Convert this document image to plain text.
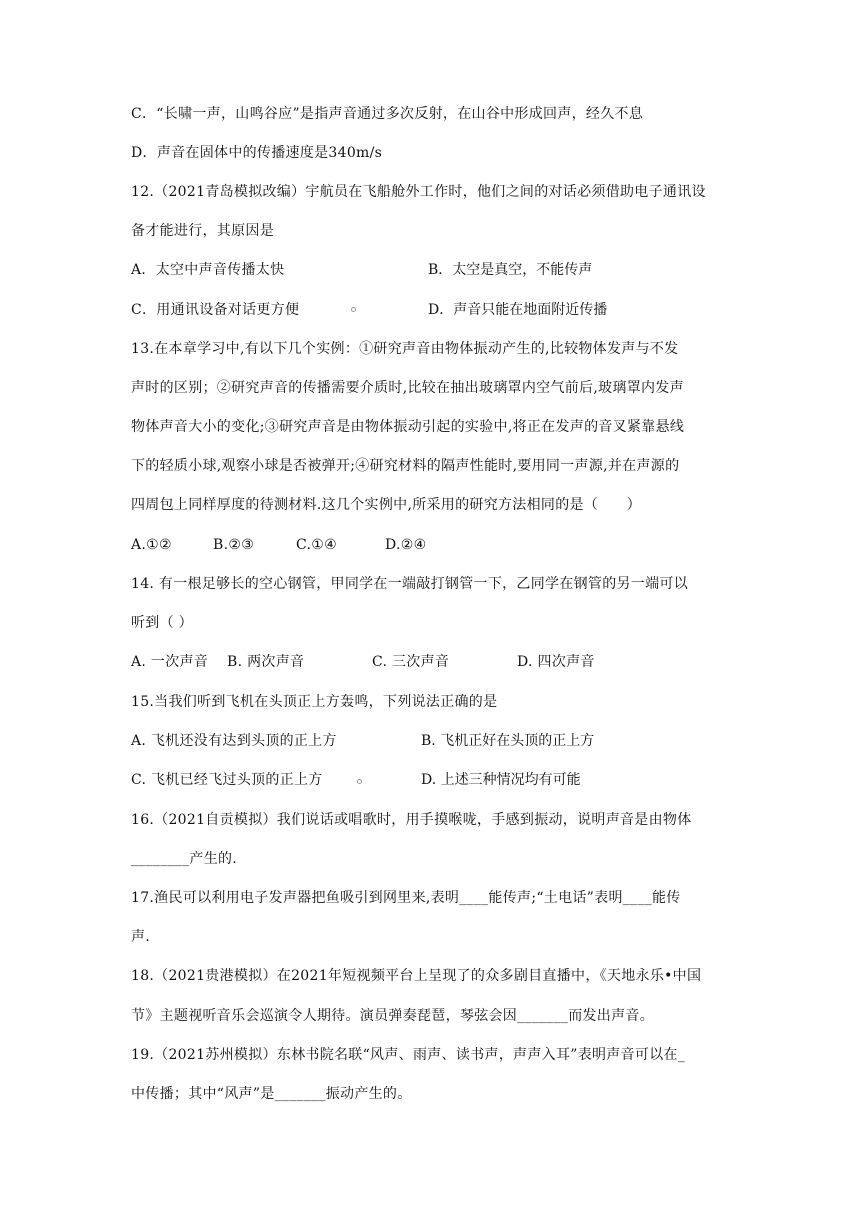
C．“长啸一声，山鸣谷应”是指声音通过多次反射，在山谷中形成回声，经久不息
D．声音在固体中的传播速度是340m/s
12.（2021青岛模拟改编）宇航员在飞船舱外工作时，他们之间的对话必须借助电子通讯设
备才能进行，其原因是
A．太空中声音传播太快	B．太空是真空，不能传声
C．用通讯设备对话更方便	D．声音只能在地面附近传播
13.在本章学习中,有以下几个实例：①研究声音由物体振动产生的,比较物体发声与不发
声时的区别；②研究声音的传播需要介质时,比较在抽出玻璃罩内空气前后,玻璃罩内发声
物体声音大小的变化;③研究声音是由物体振动引起的实验中,将正在发声的音叉紧靠悬线
下的轻质小球,观察小球是否被弹开;④研究材料的隔声性能时,要用同一声源,并在声源的
四周包上同样厚度的待测材料.这几个实例中,所采用的研究方法相同的是（　　）
A.①②	B.②③	C.①④	D.②④
14. 有一根足够长的空心钢管，甲同学在一端敲打钢管一下，乙同学在钢管的另一端可以
听到（ ）
A. 一次声音 B. 两次声音	C. 三次声音	D. 四次声音
15.当我们听到飞机在头顶正上方轰鸣，下列说法正确的是
A. 飞机还没有达到头顶的正上方	B. 飞机正好在头顶的正上方
C. 飞机已经飞过头顶的正上方	D. 上述三种情况均有可能
16.（2021自贡模拟）我们说话或唱歌时，用手摸喉咙，手感到振动，说明声音是由物体
________产生的.
17.渔民可以利用电子发声器把鱼吸引到网里来,表明____能传声;“土电话”表明____能传
声.
18.（2021贵港模拟）在2021年短视频平台上呈现了的众多剧目直播中，《天地永乐•中国
节》主题视听音乐会巡演令人期待。演员弹奏琵琶，琴弦会因_______而发出声音。
19.（2021苏州模拟）东林书院名联“风声、雨声、读书声，声声入耳”表明声音可以在_
中传播；其中“风声”是_______振动产生的。
